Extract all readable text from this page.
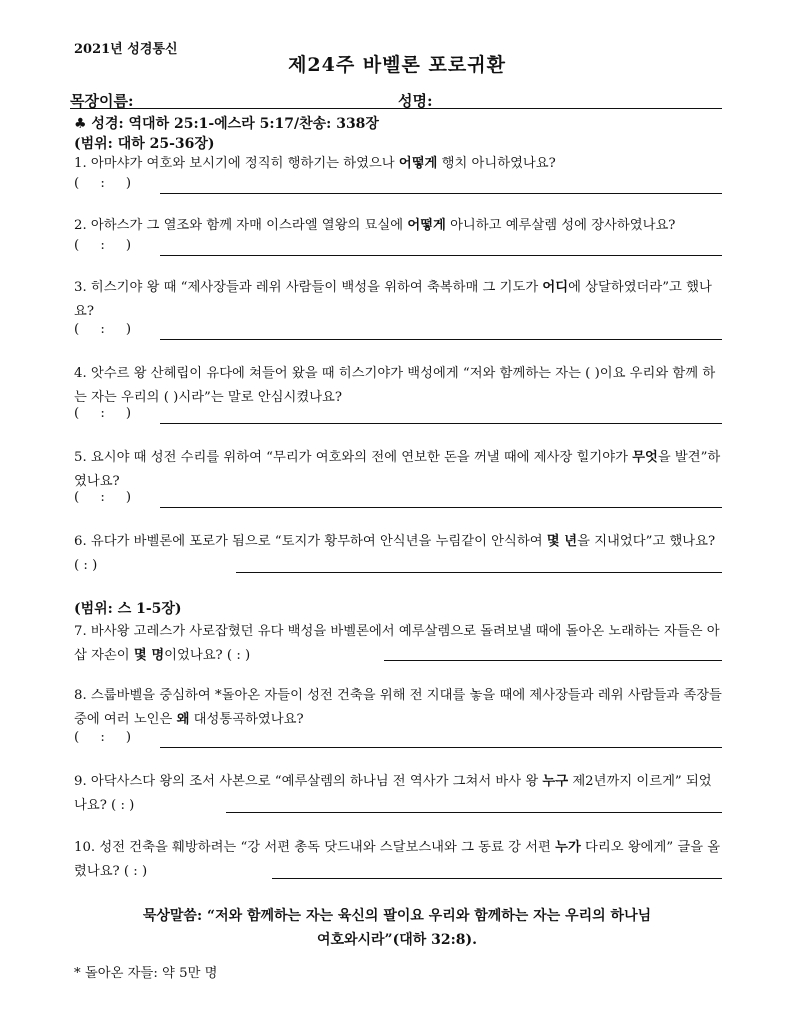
2021년 성경통신
제24주 바벨론 포로귀환
목장이름:	성명:
♣ 성경: 역대하 25:1-에스라 5:17/찬송: 338장
(범위: 대하 25-36장)
1. 아마샤가 여호와 보시기에 정직히 행하기는 하였으나 어떻게 행치 아니하였나요?
(     :     )
2. 아하스가 그 열조와 함께 자매 이스라엘 열왕의 묘실에 어떻게 아니하고 예루살렘 성에 장사하였나요?
(     :     )
3. 히스기야 왕 때 “제사장들과 레위 사람들이 백성을 위하여 축복하매 그 기도가 어디에 상달하였더라”고 했나요?
(     :     )
4. 앗수르 왕 산헤립이 유다에 쳐들어 왔을 때 히스기야가 백성에게 “저와 함께하는 자는 ( )이요 우리와 함께 하는 자는 우리의 ( )시라”는 말로 안심시켰나요?
(     :     )
5. 요시야 때 성전 수리를 위하여 “무리가 여호와의 전에 연보한 돈을 꺼낼 때에 제사장 힐기야가 무엇을 발견”하였나요?
(     :     )
6. 유다가 바벨론에 포로가 됨으로 “토지가 황무하여 안식년을 누림같이 안식하여 몇 년을 지내었다”고 했나요? ( : )
(범위: 스 1-5장)
7. 바사왕 고레스가 사로잡혔던 유다 백성을 바벨론에서 예루살렘으로 돌려보낼 때에 돌아온 노래하는 자들은 아삽 자손이 몇 명이었나요? ( : )
8. 스룹바벨을 중심하여 *돌아온 자들이 성전 건축을 위해 전 지대를 놓을 때에 제사장들과 레위 사람들과 족장들 중에 여러 노인은 왜 대성통곡하였나요?
(     :     )
9. 아닥사스다 왕의 조서 사본으로 “예루살렘의 하나님 전 역사가 그쳐서 바사 왕 누구 제2년까지 이르게” 되었나요? ( : )
10. 성전 건축을 훼방하려는 “강 서편 총독 닷드내와 스달보스내와 그 동료 강 서편 누가 다리오 왕에게” 글을 올렸나요? ( : )
묵상말씀: “저와 함께하는 자는 육신의 팔이요 우리와 함께하는 자는 우리의 하나님
여호와시라”(대하 32:8).
* 돌아온 자들: 약 5만 명
